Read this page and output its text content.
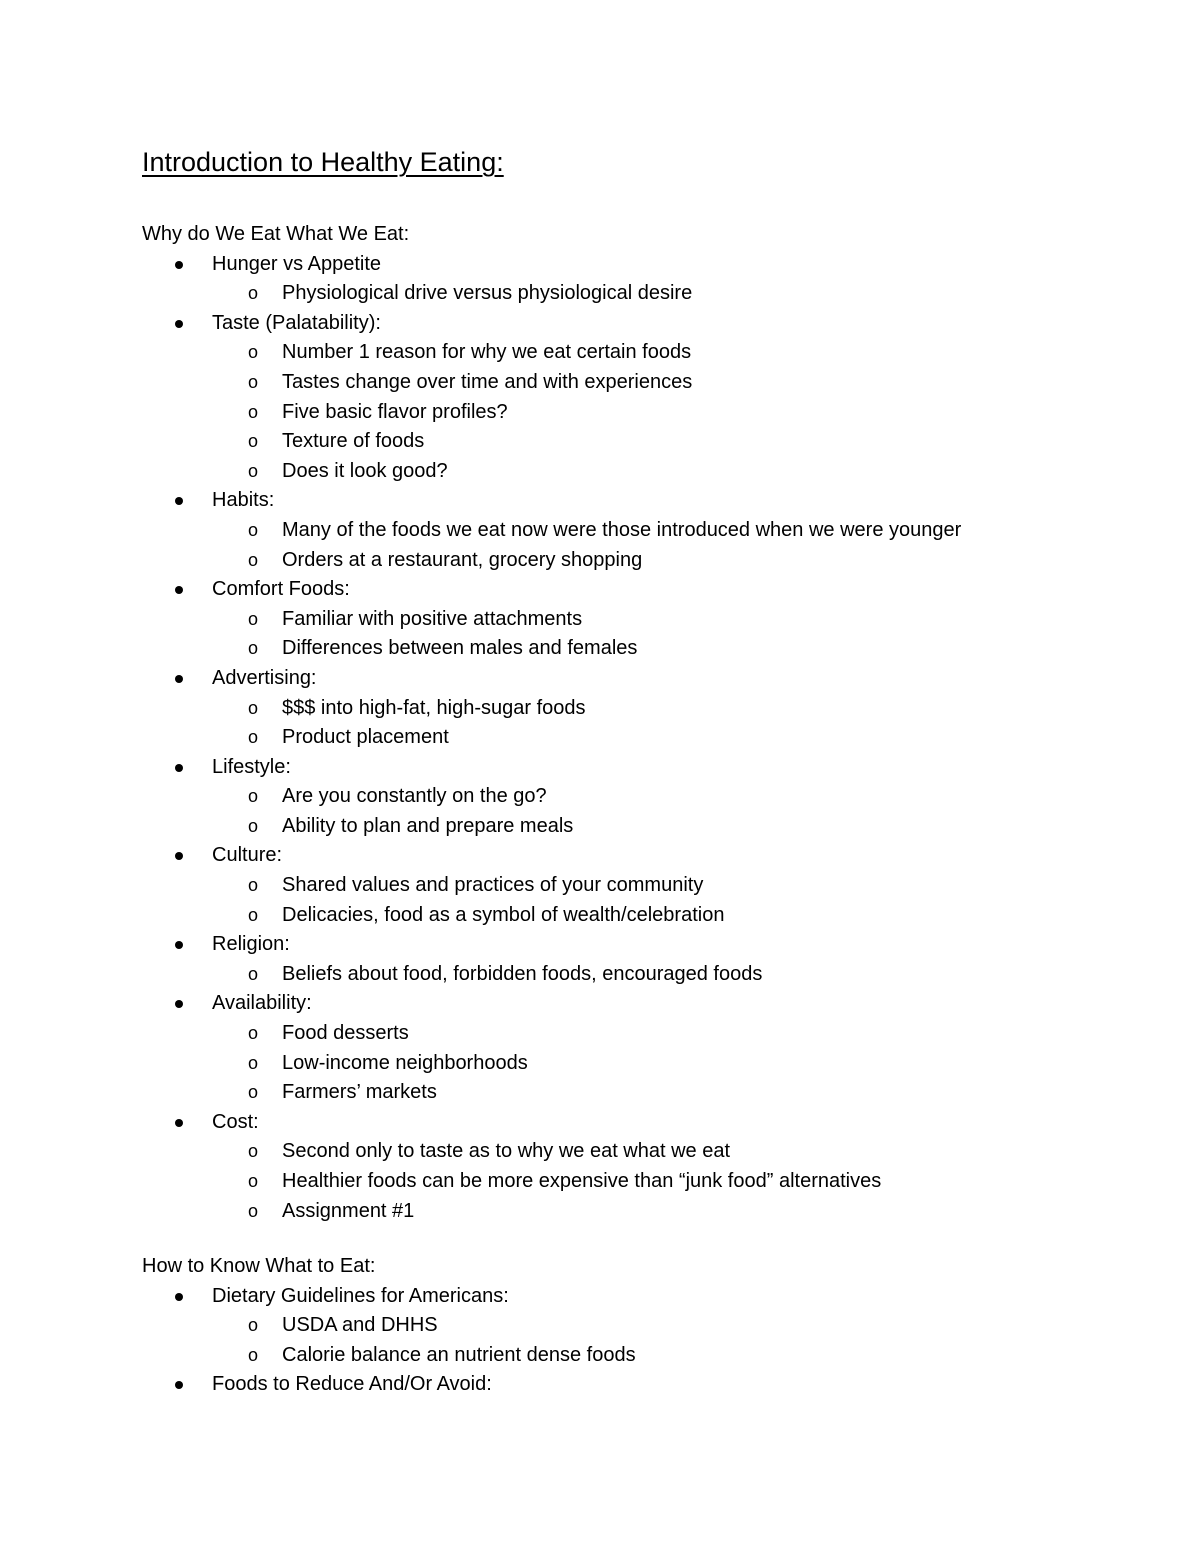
Introduction to Healthy Eating:
Why do We Eat What We Eat:
Hunger vs Appetite
o Physiological drive versus physiological desire
Taste (Palatability):
o Number 1 reason for why we eat certain foods
o Tastes change over time and with experiences
o Five basic flavor profiles?
o Texture of foods
o Does it look good?
Habits:
o Many of the foods we eat now were those introduced when we were younger
o Orders at a restaurant, grocery shopping
Comfort Foods:
o Familiar with positive attachments
o Differences between males and females
Advertising:
o $$$ into high-fat, high-sugar foods
o Product placement
Lifestyle:
o Are you constantly on the go?
o Ability to plan and prepare meals
Culture:
o Shared values and practices of your community
o Delicacies, food as a symbol of wealth/celebration
Religion:
o Beliefs about food, forbidden foods, encouraged foods
Availability:
o Food desserts
o Low-income neighborhoods
o Farmers’ markets
Cost:
o Second only to taste as to why we eat what we eat
o Healthier foods can be more expensive than “junk food” alternatives
o Assignment #1
How to Know What to Eat:
Dietary Guidelines for Americans:
o USDA and DHHS
o Calorie balance an nutrient dense foods
Foods to Reduce And/Or Avoid:
